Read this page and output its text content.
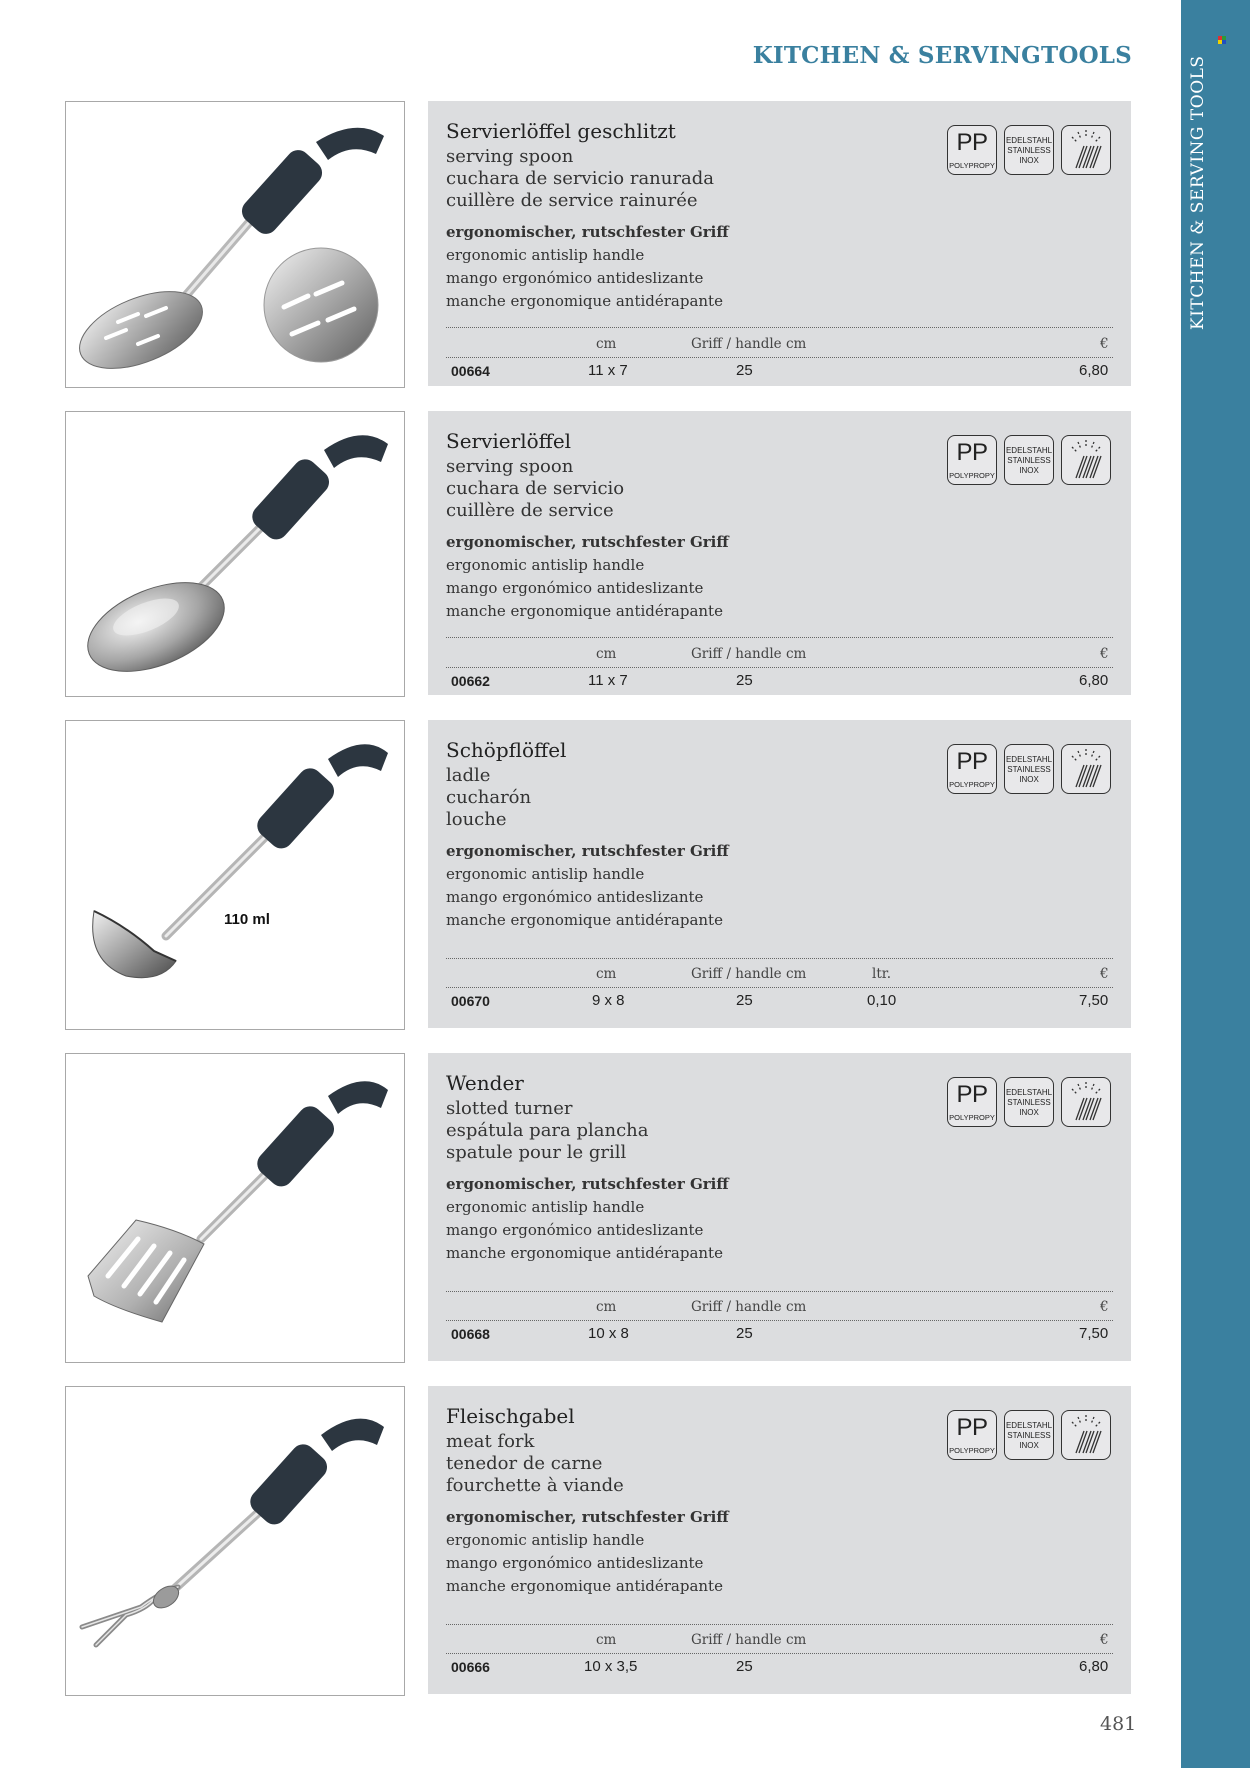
KITCHEN & SERVING TOOLS
KITCHEN & SERVINGTOOLS
481
Servierlöffel geschlitzt
serving spoon
cuchara de servicio ranurada
cuillère de service rainurée
ergonomischer, rutschfester Griff
ergonomic antislip handle
mango ergonómico antideslizante
manche ergonomique antidérapante
PP
POLYPROPY
EDELSTAHL
STAINLESS
INOX
cm	Griff / handle cm	€
00664	11 x 7	25	6,80
Servierlöffel
serving spoon
cuchara de servicio
cuillère de service
ergonomischer, rutschfester Griff
ergonomic antislip handle
mango ergonómico antideslizante
manche ergonomique antidérapante
PP
POLYPROPY
EDELSTAHL
STAINLESS
INOX
cm	Griff / handle cm	€
00662	11 x 7	25	6,80
110 ml
Schöpflöffel
ladle
cucharón
louche
ergonomischer, rutschfester Griff
ergonomic antislip handle
mango ergonómico antideslizante
manche ergonomique antidérapante
PP
POLYPROPY
EDELSTAHL
STAINLESS
INOX
cm	Griff / handle cm	ltr.	€
00670	9 x 8	25	0,10	7,50
Wender
slotted turner
espátula para plancha
spatule pour le grill
ergonomischer, rutschfester Griff
ergonomic antislip handle
mango ergonómico antideslizante
manche ergonomique antidérapante
PP
POLYPROPY
EDELSTAHL
STAINLESS
INOX
cm	Griff / handle cm	€
00668	10 x 8	25	7,50
Fleischgabel
meat fork
tenedor de carne
fourchette à viande
ergonomischer, rutschfester Griff
ergonomic antislip handle
mango ergonómico antideslizante
manche ergonomique antidérapante
PP
POLYPROPY
EDELSTAHL
STAINLESS
INOX
cm	Griff / handle cm	€
00666	10 x 3,5	25	6,80
